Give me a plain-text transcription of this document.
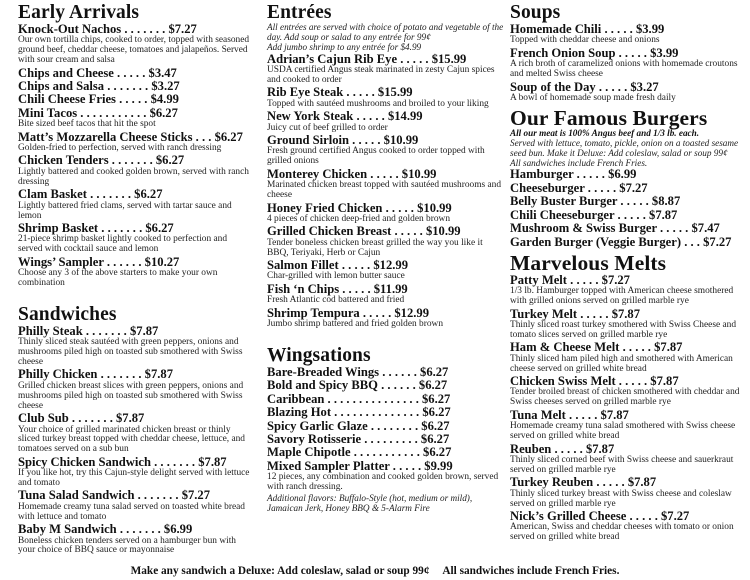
Early Arrivals
Knock-Out Nachos . . . . . . . $7.27
Our own tortilla chips, cooked to order, topped with seasoned ground beef, cheddar cheese, tomatoes and jalapeños. Served with sour cream and salsa
Chips and Cheese . . . . . $3.47
Chips and Salsa . . . . . . . $3.27
Chili Cheese Fries . . . . . $4.99
Mini Tacos . . . . . . . . . . . $6.27
Bite sized beef tacos that hit the spot
Matt’s Mozzarella Cheese Sticks . . . $6.27
Golden-fried to perfection, served with ranch dressing
Chicken Tenders . . . . . . . $6.27
Lightly battered and cooked golden brown, served with ranch dressing
Clam Basket . . . . . . . $6.27
Lightly battered fried clams, served with tartar sauce and lemon
Shrimp Basket . . . . . . . $6.27
21-piece shrimp basket lightly cooked to perfection and served with cocktail sauce and lemon
Wings’ Sampler . . . . . . $10.27
Choose any 3 of the above starters to make your own combination
Sandwiches
Philly Steak . . . . . . . $7.87
Thinly sliced steak sautéed with green peppers, onions and mushrooms piled high on toasted sub smothered with Swiss cheese
Philly Chicken . . . . . . . $7.87
Grilled chicken breast slices with green peppers, onions and mushrooms piled high on toasted sub smothered with Swiss cheese
Club Sub . . . . . . . $7.87
Your choice of grilled marinated chicken breast or thinly sliced turkey breast topped with cheddar cheese, lettuce, and tomatoes served on a sub bun
Spicy Chicken Sandwich . . . . . . . $7.87
If you like hot, try this Cajun-style delight served with lettuce and tomato
Tuna Salad Sandwich . . . . . . . $7.27
Homemade creamy tuna salad served on toasted white bread with lettuce and tomato
Baby M Sandwich . . . . . . . $6.99
Boneless chicken tenders served on a hamburger bun with your choice of BBQ sauce or mayonnaise
Entrées
All entrées are served with choice of potato and vegetable of the day. Add soup or salad to any entrée for 99¢
Add jumbo shrimp to any entrée for $4.99
Adrian’s Cajun Rib Eye . . . . . $15.99
USDA certified Angus steak marinated in zesty Cajun spices and cooked to order
Rib Eye Steak . . . . . $15.99
Topped with sautéed mushrooms and broiled to your liking
New York Steak . . . . . $14.99
Juicy cut of beef grilled to order
Ground Sirloin . . . . . $10.99
Fresh ground certified Angus cooked to order topped with grilled onions
Monterey Chicken . . . . . $10.99
Marinated chicken breast topped with sautéed mushrooms and cheese
Honey Fried Chicken . . . . . $10.99
4 pieces of chicken deep-fried and golden brown
Grilled Chicken Breast . . . . . $10.99
Tender boneless chicken breast grilled the way you like it BBQ, Teriyaki, Herb or Cajun
Salmon Fillet . . . . . $12.99
Char-grilled with lemon butter sauce
Fish ‘n Chips . . . . . $11.99
Fresh Atlantic cod battered and fried
Shrimp Tempura . . . . . $12.99
Jumbo shrimp battered and fried golden brown
Wingsations
Bare-Breaded Wings . . . . . . $6.27
Bold and Spicy BBQ . . . . . . $6.27
Caribbean . . . . . . . . . . . . . . . $6.27
Blazing Hot . . . . . . . . . . . . . . $6.27
Spicy Garlic Glaze . . . . . . . . $6.27
Savory Rotisserie . . . . . . . . . $6.27
Maple Chipotle . . . . . . . . . . . $6.27
Mixed Sampler Platter . . . . . $9.99
12 pieces, any combination and cooked golden brown, served with ranch dressing.
Additional flavors: Buffalo-Style (hot, medium or mild), Jamaican Jerk, Honey BBQ & 5-Alarm Fire
Soups
Homemade Chili . . . . . $3.99
Topped with cheddar cheese and onions
French Onion Soup . . . . . $3.99
A rich broth of caramelized onions with homemade croutons and melted Swiss cheese
Soup of the Day . . . . . $3.27
A bowl of homemade soup made fresh daily
Our Famous Burgers
All our meat is 100% Angus beef and 1/3 lb. each.
Served with lettuce, tomato, pickle, onion on a toasted sesame seed bun. Make it Deluxe: Add coleslaw, salad or soup 99¢
All sandwiches include French Fries.
Hamburger . . . . . $6.99
Cheeseburger . . . . . $7.27
Belly Buster Burger . . . . . $8.87
Chili Cheeseburger . . . . . $7.87
Mushroom & Swiss Burger . . . . . $7.47
Garden Burger (Veggie Burger) . . . $7.27
Marvelous Melts
Patty Melt . . . . . $7.27
1/3 lb. Hamburger topped with American cheese smothered with grilled onions served on grilled marble rye
Turkey Melt . . . . . $7.87
Thinly sliced roast turkey smothered with Swiss Cheese and tomato slices served on grilled marble rye
Ham & Cheese Melt . . . . . $7.87
Thinly sliced ham piled high and smothered with American cheese served on grilled white bread
Chicken Swiss Melt . . . . . $7.87
Tender broiled breast of chicken smothered with cheddar and Swiss cheeses served on grilled marble rye
Tuna Melt . . . . . $7.87
Homemade creamy tuna salad smothered with Swiss cheese served on grilled white bread
Reuben . . . . . $7.87
Thinly sliced corned beef with Swiss cheese and sauerkraut served on grilled marble rye
Turkey Reuben . . . . . $7.87
Thinly sliced turkey breast with Swiss cheese and coleslaw served on grilled marble rye
Nick’s Grilled Cheese . . . . . $7.27
American, Swiss and cheddar cheeses with tomato or onion served on grilled white bread
Make any sandwich a Deluxe: Add coleslaw, salad or soup 99¢ All sandwiches include French Fries.
